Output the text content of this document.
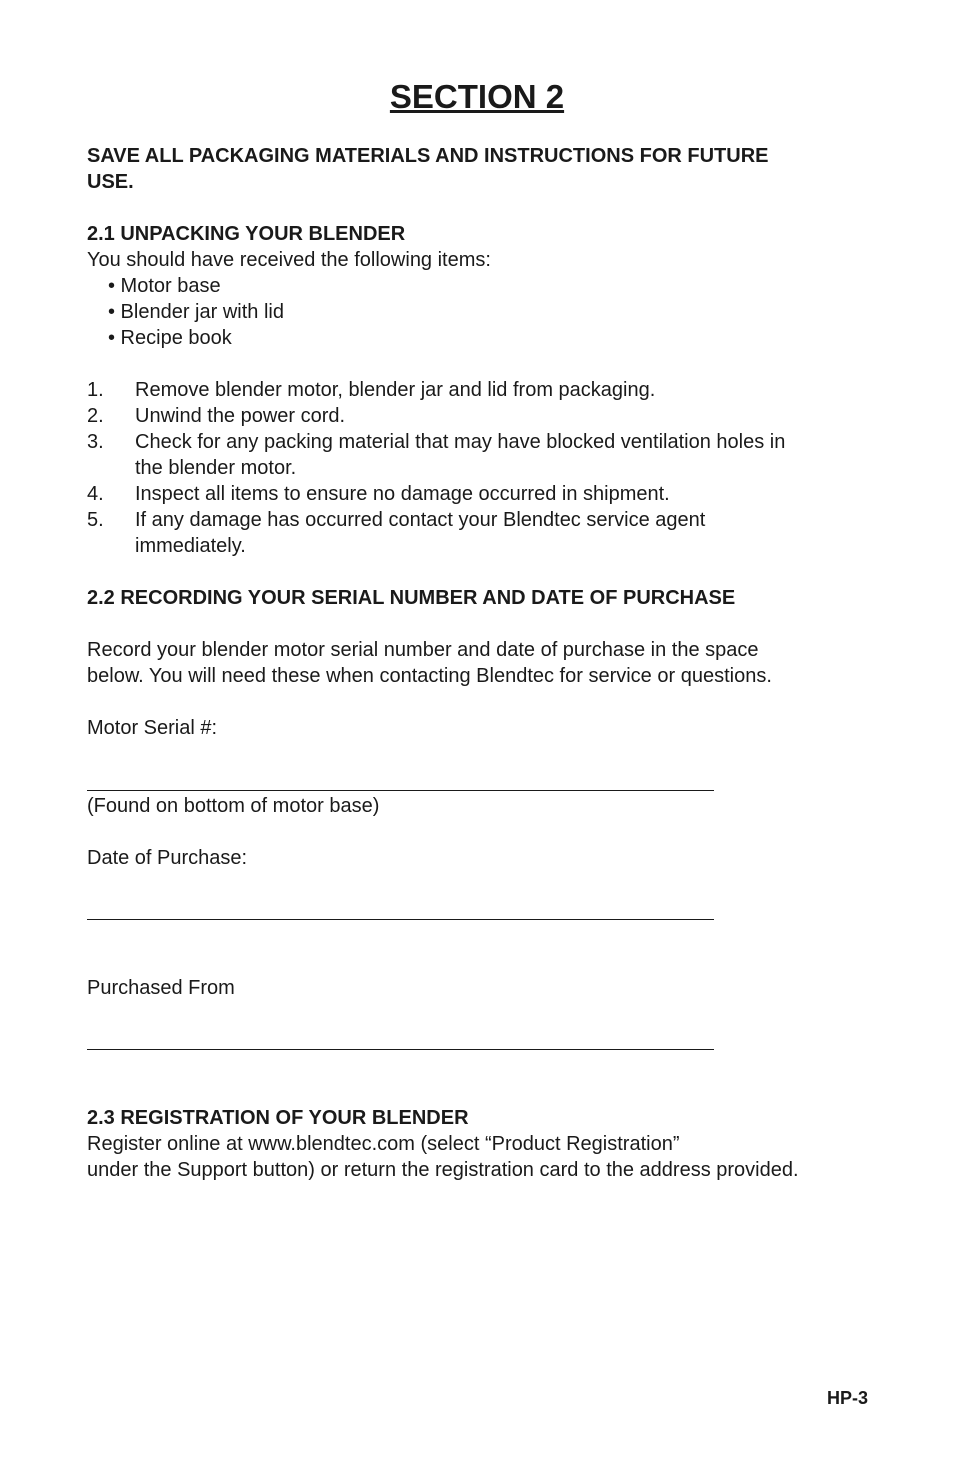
SECTION 2
SAVE ALL PACKAGING MATERIALS AND INSTRUCTIONS FOR FUTURE
USE.
2.1 UNPACKING YOUR BLENDER
You should have received the following items:
• Motor base
• Blender jar with lid
• Recipe book
1. Remove blender motor, blender jar and lid from packaging.
2. Unwind the power cord.
3. Check for any packing material that may have blocked ventilation holes in
the blender motor.
4. Inspect all items to ensure no damage occurred in shipment.
5. If any damage has occurred contact your Blendtec service agent
immediately.
2.2 RECORDING YOUR SERIAL NUMBER AND DATE OF PURCHASE
Record your blender motor serial number and date of purchase in the space
below. You will need these when contacting Blendtec for service or questions.
Motor Serial #:
(Found on bottom of motor base)
Date of Purchase:
Purchased From
2.3 REGISTRATION OF YOUR BLENDER
Register online at www.blendtec.com (select “Product Registration”
under the Support button) or return the registration card to the address provided.
HP-3
